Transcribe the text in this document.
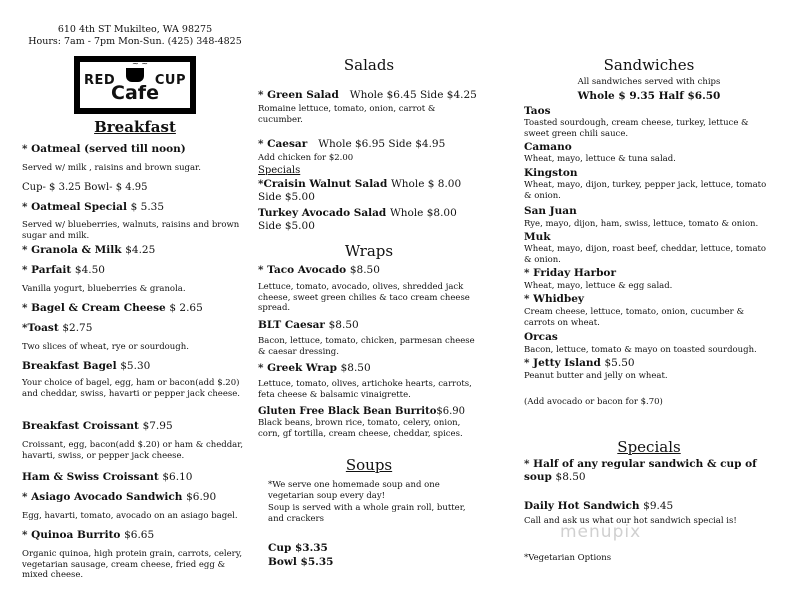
610 4th ST Mukilteo, WA 98275
Hours: 7am - 7pm Mon-Sun. (425) 348-4825
~ ~
RED	CUP
Cafe
Breakfast
* Oatmeal (served till noon)
Served w/ milk , raisins and brown sugar.
Cup- $ 3.25 Bowl- $ 4.95
* Oatmeal Special $ 5.35
Served w/ blueberries, walnuts, raisins and brown sugar and milk.
* Granola & Milk $4.25
* Parfait $4.50
Vanilla yogurt, blueberries & granola.
* Bagel & Cream Cheese $ 2.65
*Toast $2.75
Two slices of wheat, rye or sourdough.
Breakfast Bagel $5.30
Your choice of bagel, egg, ham or bacon(add $.20) and cheddar, swiss, havarti or pepper jack cheese.
Breakfast Croissant $7.95
Croissant, egg, bacon(add $.20) or ham & cheddar, havarti, swiss, or pepper jack cheese.
Ham & Swiss Croissant $6.10
* Asiago Avocado Sandwich $6.90
Egg, havarti, tomato, avocado on an asiago bagel.
* Quinoa Burrito $6.65
Organic quinoa, high protein grain, carrots, celery, vegetarian sausage, cream cheese, fried egg & mixed cheese.
Salads
* Green Salad Whole $6.45 Side $4.25
Romaine lettuce, tomato, onion, carrot & cucumber.
* Caesar Whole $6.95 Side $4.95
Add chicken for $2.00
Specials
*Craisin Walnut Salad Whole $ 8.00 Side $5.00
Turkey Avocado Salad Whole $8.00 Side $5.00
Wraps
* Taco Avocado $8.50
Lettuce, tomato, avocado, olives, shredded jack cheese, sweet green chilies & taco cream cheese spread.
BLT Caesar $8.50
Bacon, lettuce, tomato, chicken, parmesan cheese & caesar dressing.
* Greek Wrap $8.50
Lettuce, tomato, olives, artichoke hearts, carrots, feta cheese & balsamic vinaigrette.
Gluten Free Black Bean Burrito$6.90
Black beans, brown rice, tomato, celery, onion, corn, gf tortilla, cream cheese, cheddar, spices.
Soups
*We serve one homemade soup and one vegetarian soup every day!
Soup is served with a whole grain roll, butter, and crackers
Cup $3.35
Bowl $5.35
Sandwiches
All sandwiches served with chips
Whole $ 9.35 Half $6.50
Taos
Toasted sourdough, cream cheese, turkey, lettuce & sweet green chili sauce.
Camano
Wheat, mayo, lettuce & tuna salad.
Kingston
Wheat, mayo, dijon, turkey, pepper jack, lettuce, tomato & onion.
San Juan
Rye, mayo, dijon, ham, swiss, lettuce, tomato & onion.
Muk
Wheat, mayo, dijon, roast beef, cheddar, lettuce, tomato & onion.
* Friday Harbor
Wheat, mayo, lettuce & egg salad.
* Whidbey
Cream cheese, lettuce, tomato, onion, cucumber & carrots on wheat.
Orcas
Bacon, lettuce, tomato & mayo on toasted sourdough.
* Jetty Island $5.50
Peanut butter and jelly on wheat.
(Add avocado or bacon for $.70)
Specials
* Half of any regular sandwich & cup of soup $8.50
Daily Hot Sandwich $9.45
Call and ask us what our hot sandwich special is!
*Vegetarian Options
menupix
